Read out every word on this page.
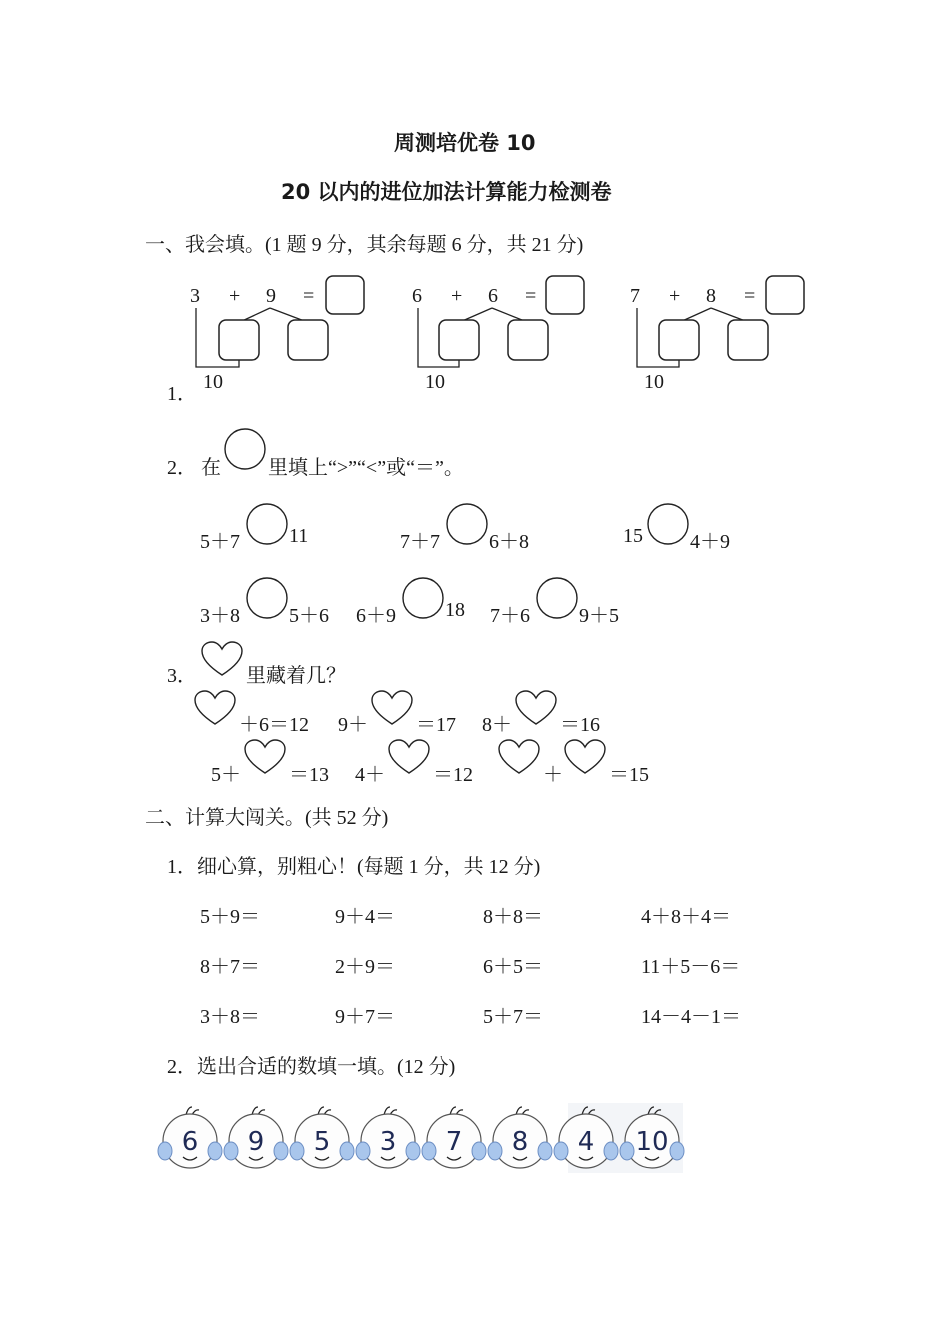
周测培优卷 10
20 以内的进位加法计算能力检测卷
一、我会填。(1 题 9 分，其余每题 6 分，共 21 分)
1．
3 + 9 =
10
6 + 6 =
10
7 + 8 =
10
2． 在 里填上“>”“<”或“＝”。
5＋7 11	7＋7 6＋8	15 4＋9
3＋8 5＋6 6＋9 18 7＋6 9＋5
3． 里藏着几？
＋6＝12 9＋ ＝17 8＋ ＝16
5＋ ＝13 4＋ ＝12	＋ ＝15
二、计算大闯关。(共 52 分)
1．细心算，别粗心！(每题 1 分，共 12 分)
5＋9＝	9＋4＝	8＋8＝	4＋8＋4＝
8＋7＝	2＋9＝	6＋5＝	11＋5－6＝
3＋8＝	9＋7＝	5＋7＝	14－4－1＝
2．选出合适的数填一填。(12 分)
6 9 5 3 7 8 4 10
